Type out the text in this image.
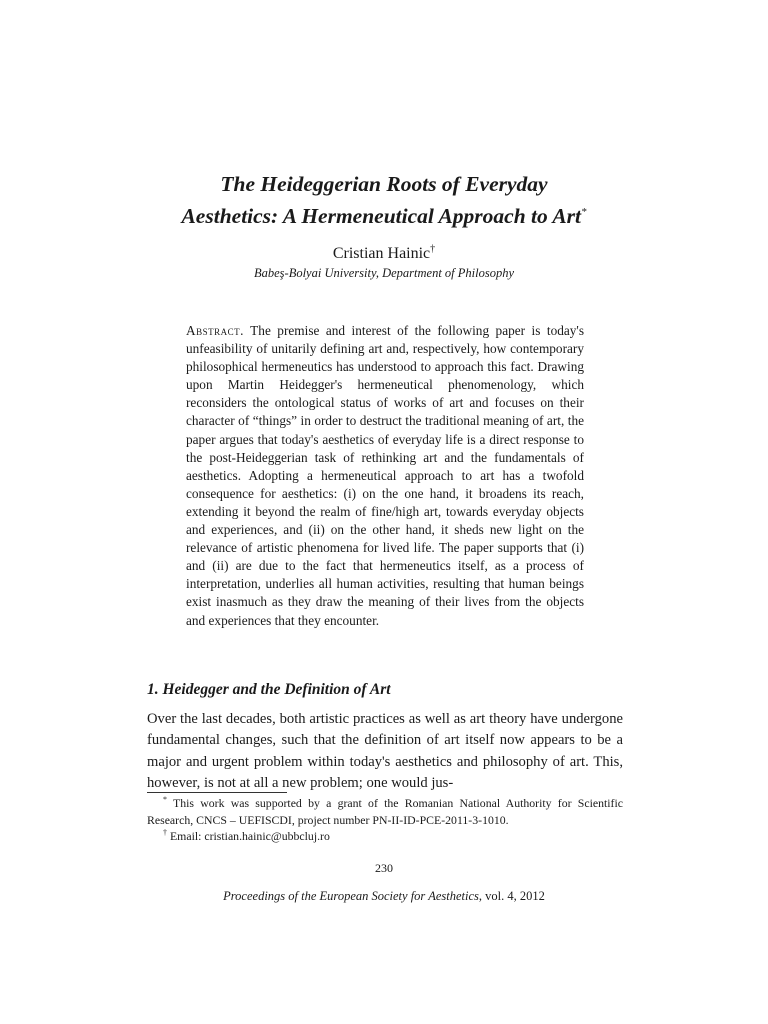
The Heideggerian Roots of Everyday
Aesthetics: A Hermeneutical Approach to Art*
Cristian Hainic†
Babeş-Bolyai University, Department of Philosophy
Abstract. The premise and interest of the following paper is today's unfeasibility of unitarily defining art and, respectively, how contemporary philosophical hermeneutics has understood to approach this fact. Drawing upon Martin Heidegger's hermeneutical phenomenology, which reconsiders the ontological status of works of art and focuses on their character of “things” in order to destruct the traditional meaning of art, the paper argues that today's aesthetics of everyday life is a direct response to the post-Heideggerian task of rethinking art and the fundamentals of aesthetics. Adopting a hermeneutical approach to art has a twofold consequence for aesthetics: (i) on the one hand, it broadens its reach, extending it beyond the realm of fine/high art, towards everyday objects and experiences, and (ii) on the other hand, it sheds new light on the relevance of artistic phenomena for lived life. The paper supports that (i) and (ii) are due to the fact that hermeneutics itself, as a process of interpretation, underlies all human activities, resulting that human beings exist inasmuch as they draw the meaning of their lives from the objects and experiences that they encounter.
1. Heidegger and the Definition of Art
Over the last decades, both artistic practices as well as art theory have undergone fundamental changes, such that the definition of art itself now appears to be a major and urgent problem within today's aesthetics and philosophy of art. This, however, is not at all a new problem; one would jus-
* This work was supported by a grant of the Romanian National Authority for Scientific Research, CNCS – UEFISCDI, project number PN-II-ID-PCE-2011-3-1010.
† Email: cristian.hainic@ubbcluj.ro
230
Proceedings of the European Society for Aesthetics, vol. 4, 2012
